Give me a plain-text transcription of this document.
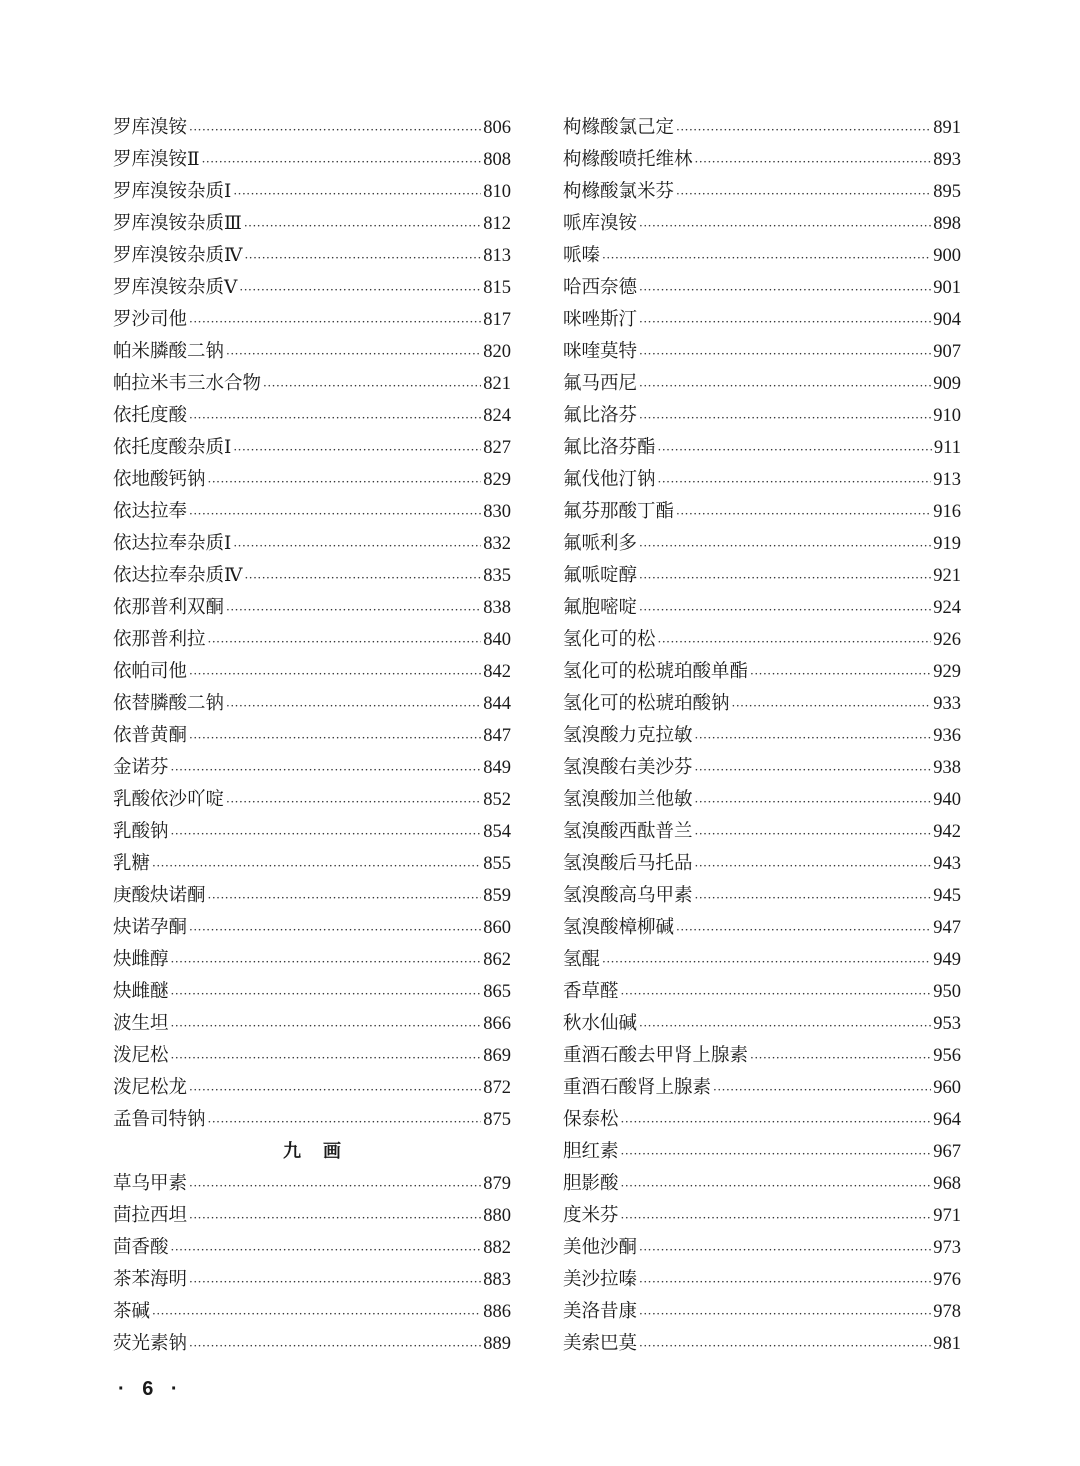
罗库溴铵 ·····	806
罗库溴铵Ⅱ ·····	808
罗库溴铵杂质Ⅰ ·····	810
罗库溴铵杂质Ⅲ ·····	812
罗库溴铵杂质Ⅳ ·····	813
罗库溴铵杂质Ⅴ ·····	815
罗沙司他 ·····	817
帕米膦酸二钠 ·····	820
帕拉米韦三水合物 ·····	821
依托度酸 ·····	824
依托度酸杂质Ⅰ ·····	827
依地酸钙钠 ·····	829
依达拉奉 ·····	830
依达拉奉杂质Ⅰ ·····	832
依达拉奉杂质Ⅳ ·····	835
依那普利双酮 ·····	838
依那普利拉 ·····	840
依帕司他 ·····	842
依替膦酸二钠 ·····	844
依普黄酮 ·····	847
金诺芬 ·····	849
乳酸依沙吖啶 ·····	852
乳酸钠 ·····	854
乳糖 ·····	855
庚酸炔诺酮 ·····	859
炔诺孕酮 ·····	860
炔雌醇 ·····	862
炔雌醚 ·····	865
波生坦 ·····	866
泼尼松 ·····	869
泼尼松龙 ·····	872
孟鲁司特钠 ·····	875
九画
草乌甲素 ·····	879
茴拉西坦 ·····	880
茴香酸 ·····	882
茶苯海明 ·····	883
茶碱 ·····	886
荧光素钠 ·····	889
枸橼酸氯己定 ·····	891
枸橼酸喷托维林 ·····	893
枸橼酸氯米芬 ·····	895
哌库溴铵 ·····	898
哌嗪 ·····	900
哈西奈德 ·····	901
咪唑斯汀 ·····	904
咪喹莫特 ·····	907
氟马西尼 ·····	909
氟比洛芬 ·····	910
氟比洛芬酯 ·····	911
氟伐他汀钠 ·····	913
氟芬那酸丁酯 ·····	916
氟哌利多 ·····	919
氟哌啶醇 ·····	921
氟胞嘧啶 ·····	924
氢化可的松 ·····	926
氢化可的松琥珀酸单酯 ·····	929
氢化可的松琥珀酸钠 ·····	933
氢溴酸力克拉敏 ·····	936
氢溴酸右美沙芬 ·····	938
氢溴酸加兰他敏 ·····	940
氢溴酸西酞普兰 ·····	942
氢溴酸后马托品 ·····	943
氢溴酸高乌甲素 ·····	945
氢溴酸樟柳碱 ·····	947
氢醌 ·····	949
香草醛 ·····	950
秋水仙碱 ·····	953
重酒石酸去甲肾上腺素 ·····	956
重酒石酸肾上腺素 ·····	960
保泰松 ·····	964
胆红素 ·····	967
胆影酸 ·····	968
度米芬 ·····	971
美他沙酮 ·····	973
美沙拉嗪 ·····	976
美洛昔康 ·····	978
美索巴莫 ·····	981
· 6 ·
